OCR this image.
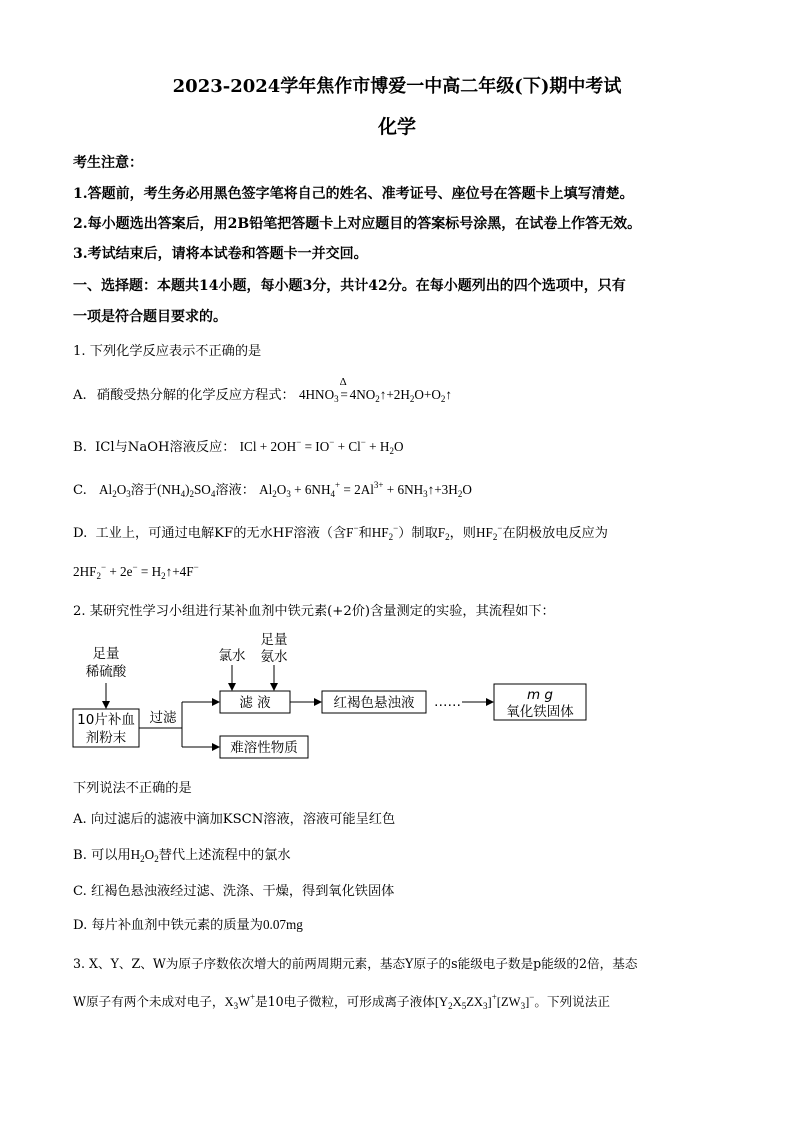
2023-2024学年焦作市博爱一中高二年级(下)期中考试
化学
考生注意：
1.答题前，考生务必用黑色签字笔将自己的姓名、准考证号、座位号在答题卡上填写清楚。
2.每小题选出答案后，用2B铅笔把答题卡上对应题目的答案标号涂黑，在试卷上作答无效。
3.考试结束后，请将本试卷和答题卡一并交回。
一、选择题：本题共14小题，每小题3分，共计42分。在每小题列出的四个选项中，只有
一项是符合题目要求的。
1. 下列化学反应表示不正确的是
A. 硝酸受热分解的化学反应方程式： $4HNO_3$
Δ
= $4NO_2↑+2H_2O+O_2↑$
B. ICl与NaOH溶液反应： ICl + $2OH^- = IO^- + Cl^- + H_2O$
C. $Al_2O_3$溶于$(NH_4)_2SO_4$溶液： $Al_2O_3 + 6NH_4^+ = 2Al^{3+}$ + $6NH_3↑+3H_2O$
D. 工业上，可通过电解KF的无水HF溶液（含F−和$HF_2^-$）制取$F_2$，则$HF_2^-$在阴极放电反应为
$2HF_2^- + 2e^-$ = $H_2↑+4F^-$
2. 某研究性学习小组进行某补血剂中铁元素(+2价)含量测定的实验，其流程如下：
足量
稀硫酸
10片补血
剂粉末
过滤
滤 液
氯水
足量
氨水
红褐色悬浊液 ……	m g
氧化铁固体
难溶性物质
下列说法不正确的是
A. 向过滤后的滤液中滴加KSCN溶液，溶液可能呈红色
B. 可以用$H_2O_2$替代上述流程中的氯水
C. 红褐色悬浊液经过滤、洗涤、干燥，得到氧化铁固体
D. 每片补血剂中铁元素的质量为0.07mg
3. X、Y、Z、W为原子序数依次增大的前两周期元素，基态Y原子的s能级电子数是p能级的2倍，基态
W原子有两个未成对电子，$X_3W^+$是10电子微粒，可形成离子液体$[Y_2X_5ZX_3]^+[ZW_3]^-$。下列说法正
